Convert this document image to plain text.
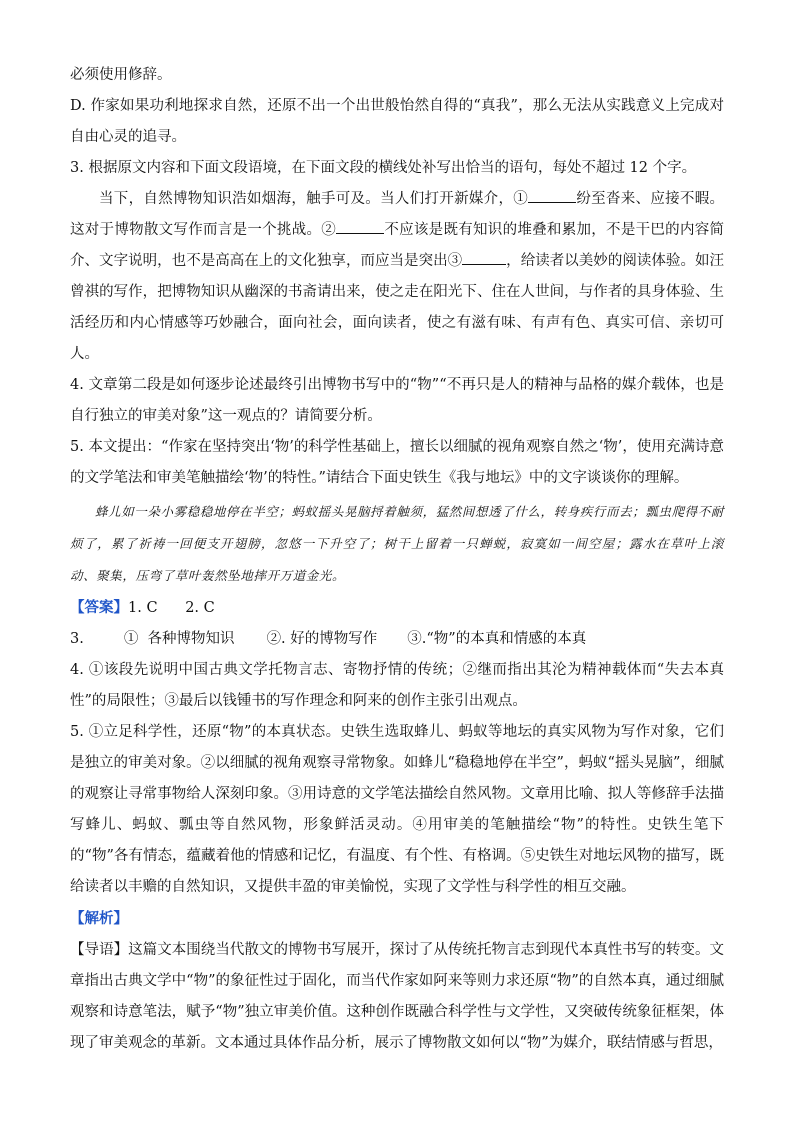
必须使用修辞。

D. 作家如果功利地探求自然，还原不出一个出世般怡然自得的“真我”，那么无法从实践意义上完成对自由心灵的追寻。

3. 根据原文内容和下面文段语境，在下面文段的横线处补写出恰当的语句，每处不超过 12 个字。

当下，自然博物知识浩如烟海，触手可及。当人们打开新媒介，①	纷至沓来、应接不暇。这对于博物散文写作而言是一个挑战。②	不应该是既有知识的堆叠和累加，不是干巴的内容简介、文字说明，也不是高高在上的文化独享，而应当是突出③	，给读者以美妙的阅读体验。如汪曾祺的写作，把博物知识从幽深的书斋请出来，使之走在阳光下、住在人世间，与作者的具身体验、生活经历和内心情感等巧妙融合，面向社会，面向读者，使之有滋有味、有声有色、真实可信、亲切可人。

4. 文章第二段是如何逐步论述最终引出博物书写中的“物”“不再只是人的精神与品格的媒介载体，也是自行独立的审美对象”这一观点的？请简要分析。

5. 本文提出：“作家在坚持突出‘物’的科学性基础上，擅长以细腻的视角观察自然之‘物’，使用充满诗意的文学笔法和审美笔触描绘‘物’的特性。”请结合下面史铁生《我与地坛》中的文字谈谈你的理解。

蜂儿如一朵小雾稳稳地停在半空；蚂蚁摇头晃脑捋着触须，猛然间想透了什么，转身疾行而去；瓢虫爬得不耐烦了，累了祈祷一回便支开翅膀，忽悠一下升空了；树干上留着一只蝉蜕，寂寞如一间空屋；露水在草叶上滚动、聚集，压弯了草叶轰然坠地摔开万道金光。

【答案】1. C      2. C

3.	①  各种博物知识 ②. 好的博物写作 ③.“物”的本真和情感的本真

4. ①该段先说明中国古典文学托物言志、寄物抒情的传统；②继而指出其沦为精神载体而“失去本真性”的局限性；③最后以钱锺书的写作理念和阿来的创作主张引出观点。

5. ①立足科学性，还原“物”的本真状态。史铁生选取蜂儿、蚂蚁等地坛的真实风物为写作对象，它们是独立的审美对象。②以细腻的视角观察寻常物象。如蜂儿“稳稳地停在半空”，蚂蚁“摇头晃脑”，细腻的观察让寻常事物给人深刻印象。③用诗意的文学笔法描绘自然风物。文章用比喻、拟人等修辞手法描写蜂儿、蚂蚁、瓢虫等自然风物，形象鲜活灵动。④用审美的笔触描绘“物”的特性。史铁生笔下的“物”各有情态，蕴藏着他的情感和记忆，有温度、有个性、有格调。⑤史铁生对地坛风物的描写，既给读者以丰赡的自然知识，又提供丰盈的审美愉悦，实现了文学性与科学性的相互交融。

【解析】

【导语】这篇文本围绕当代散文的博物书写展开，探讨了从传统托物言志到现代本真性书写的转变。文章指出古典文学中“物”的象征性过于固化，而当代作家如阿来等则力求还原“物”的自然本真，通过细腻观察和诗意笔法，赋予“物”独立审美价值。这种创作既融合科学性与文学性，又突破传统象征框架，体现了审美观念的革新。文本通过具体作品分析，展示了博物散文如何以“物”为媒介，联结情感与哲思，
